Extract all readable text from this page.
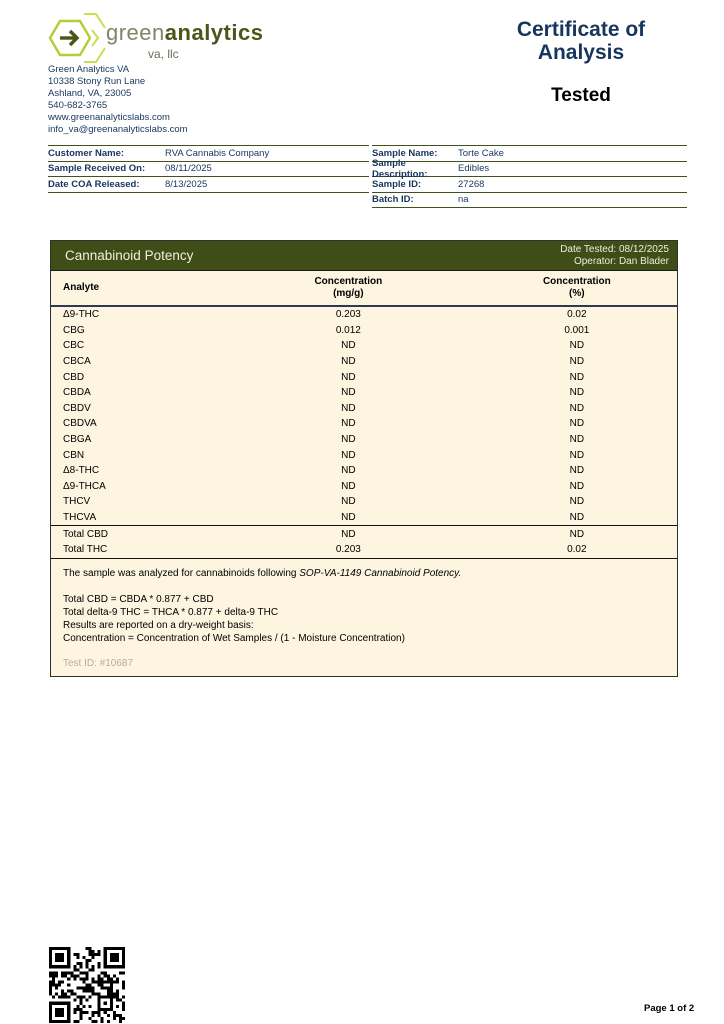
greenanalytics
va, llc
Green Analytics VA
10338 Stony Run Lane
Ashland, VA, 23005
540-682-3765
www.greenanalyticslabs.com
info_va@greenanalyticslabs.com
Certificate of
Analysis
Tested
Customer Name:	RVA Cannabis Company
Sample Received On:	08/11/2025
Date COA Released:	8/13/2025
Sample Name:	Torte Cake
Sample Description:	Edibles
Sample ID:	27268
Batch ID:	na
Cannabinoid Potency	Date Tested: 08/12/2025
Operator: Dan Blader
Analyte
Concentration
(mg/g)
Concentration
(%)
Δ9-THC	0.203	0.02
CBG	0.012	0.001
CBC	ND	ND
CBCA	ND	ND
CBD	ND	ND
CBDA	ND	ND
CBDV	ND	ND
CBDVA	ND	ND
CBGA	ND	ND
CBN	ND	ND
Δ8-THC	ND	ND
Δ9-THCA	ND	ND
THCV	ND	ND
THCVA	ND	ND
Total CBD	ND	ND
Total THC	0.203	0.02
The sample was analyzed for cannabinoids following SOP-VA-1149 Cannabinoid Potency.
Total CBD = CBDA * 0.877 + CBD
Total delta-9 THC = THCA * 0.877 + delta-9 THC
Results are reported on a dry-weight basis:
Concentration = Concentration of Wet Samples / (1 - Moisture Concentration)
Test ID: #10687
Page 1 of 2
